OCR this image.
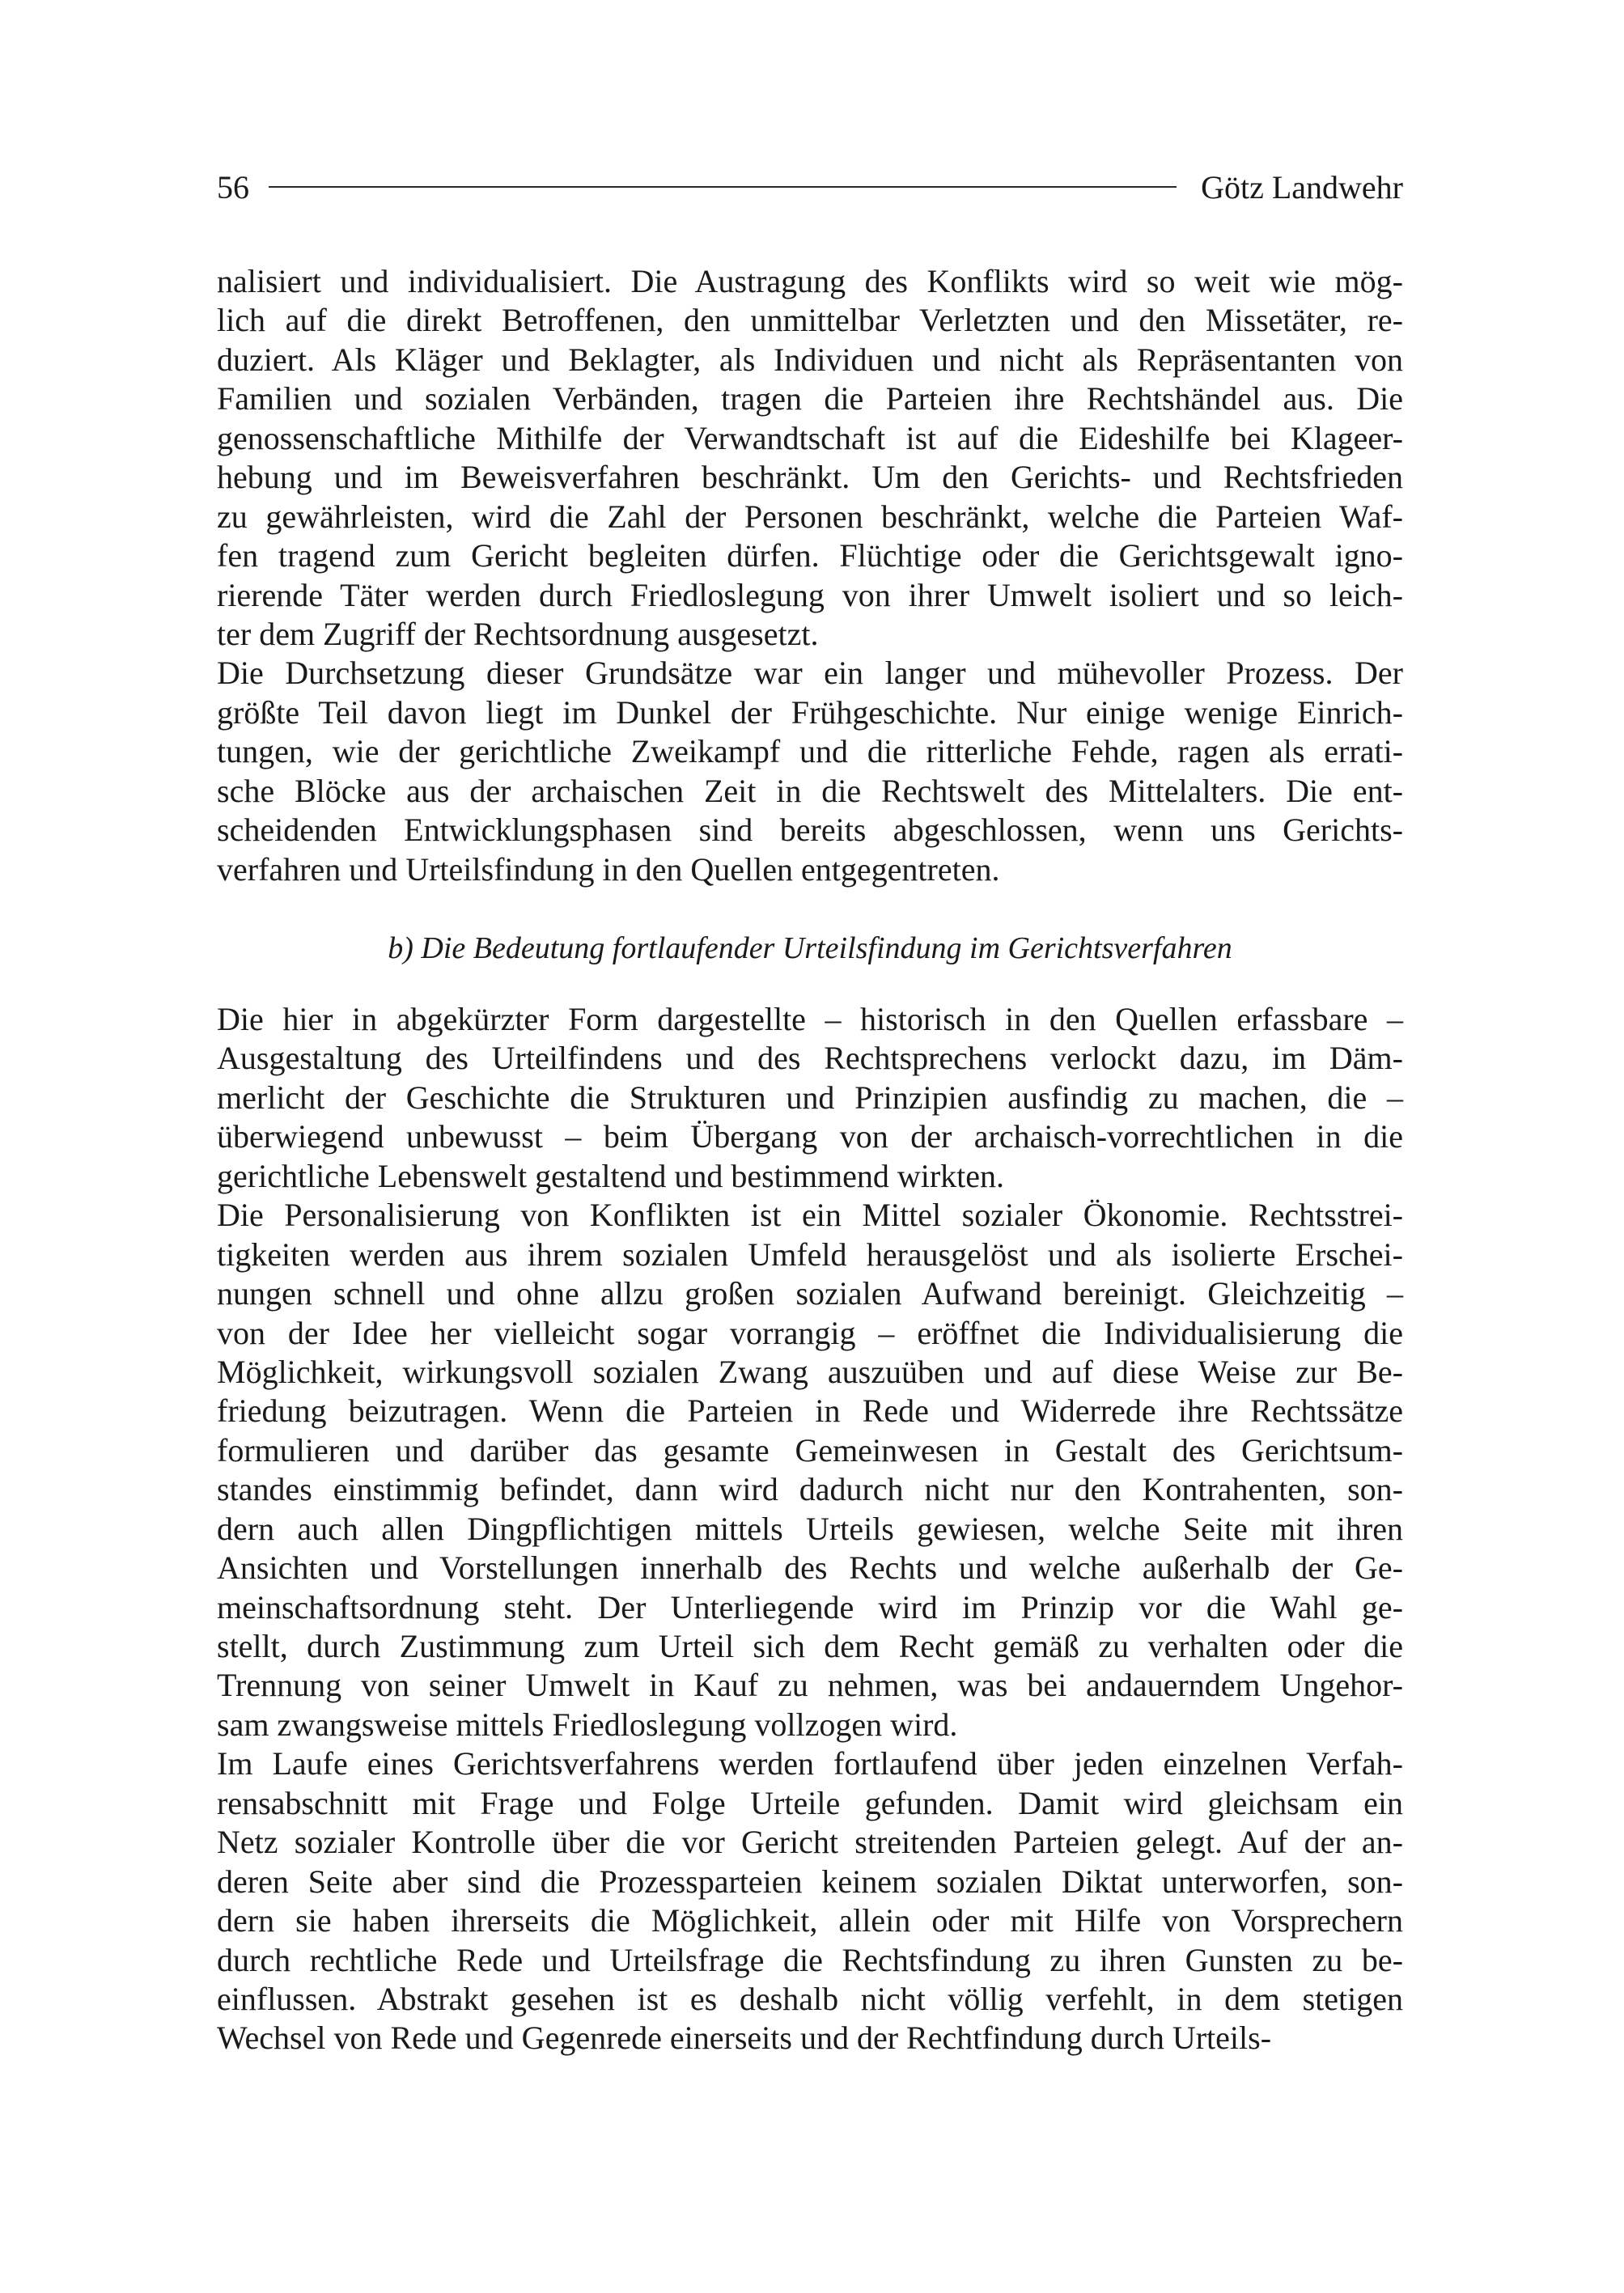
56	Götz Landwehr
nalisiert und individualisiert. Die Austragung des Konflikts wird so weit wie mög-
lich auf die direkt Betroffenen, den unmittelbar Verletzten und den Missetäter, re-
duziert. Als Kläger und Beklagter, als Individuen und nicht als Repräsentanten von
Familien und sozialen Verbänden, tragen die Parteien ihre Rechtshändel aus. Die
genossenschaftliche Mithilfe der Verwandtschaft ist auf die Eideshilfe bei Klageer-
hebung und im Beweisverfahren beschränkt. Um den Gerichts- und Rechtsfrieden
zu gewährleisten, wird die Zahl der Personen beschränkt, welche die Parteien Waf-
fen tragend zum Gericht begleiten dürfen. Flüchtige oder die Gerichtsgewalt igno-
rierende Täter werden durch Friedloslegung von ihrer Umwelt isoliert und so leich-
ter dem Zugriff der Rechtsordnung ausgesetzt.
Die Durchsetzung dieser Grundsätze war ein langer und mühevoller Prozess. Der
größte Teil davon liegt im Dunkel der Frühgeschichte. Nur einige wenige Einrich-
tungen, wie der gerichtliche Zweikampf und die ritterliche Fehde, ragen als errati-
sche Blöcke aus der archaischen Zeit in die Rechtswelt des Mittelalters. Die ent-
scheidenden Entwicklungsphasen sind bereits abgeschlossen, wenn uns Gerichts-
verfahren und Urteilsfindung in den Quellen entgegentreten.
b) Die Bedeutung fortlaufender Urteilsfindung im Gerichtsverfahren
Die hier in abgekürzter Form dargestellte – historisch in den Quellen erfassbare –
Ausgestaltung des Urteilfindens und des Rechtsprechens verlockt dazu, im Däm-
merlicht der Geschichte die Strukturen und Prinzipien ausfindig zu machen, die –
überwiegend unbewusst – beim Übergang von der archaisch-vorrechtlichen in die
gerichtliche Lebenswelt gestaltend und bestimmend wirkten.
Die Personalisierung von Konflikten ist ein Mittel sozialer Ökonomie. Rechtsstrei-
tigkeiten werden aus ihrem sozialen Umfeld herausgelöst und als isolierte Erschei-
nungen schnell und ohne allzu großen sozialen Aufwand bereinigt. Gleichzeitig –
von der Idee her vielleicht sogar vorrangig – eröffnet die Individualisierung die
Möglichkeit, wirkungsvoll sozialen Zwang auszuüben und auf diese Weise zur Be-
friedung beizutragen. Wenn die Parteien in Rede und Widerrede ihre Rechtssätze
formulieren und darüber das gesamte Gemeinwesen in Gestalt des Gerichtsum-
standes einstimmig befindet, dann wird dadurch nicht nur den Kontrahenten, son-
dern auch allen Dingpflichtigen mittels Urteils gewiesen, welche Seite mit ihren
Ansichten und Vorstellungen innerhalb des Rechts und welche außerhalb der Ge-
meinschaftsordnung steht. Der Unterliegende wird im Prinzip vor die Wahl ge-
stellt, durch Zustimmung zum Urteil sich dem Recht gemäß zu verhalten oder die
Trennung von seiner Umwelt in Kauf zu nehmen, was bei andauerndem Ungehor-
sam zwangsweise mittels Friedloslegung vollzogen wird.
Im Laufe eines Gerichtsverfahrens werden fortlaufend über jeden einzelnen Verfah-
rensabschnitt mit Frage und Folge Urteile gefunden. Damit wird gleichsam ein
Netz sozialer Kontrolle über die vor Gericht streitenden Parteien gelegt. Auf der an-
deren Seite aber sind die Prozessparteien keinem sozialen Diktat unterworfen, son-
dern sie haben ihrerseits die Möglichkeit, allein oder mit Hilfe von Vorsprechern
durch rechtliche Rede und Urteilsfrage die Rechtsfindung zu ihren Gunsten zu be-
einflussen. Abstrakt gesehen ist es deshalb nicht völlig verfehlt, in dem stetigen
Wechsel von Rede und Gegenrede einerseits und der Rechtfindung durch Urteils-
